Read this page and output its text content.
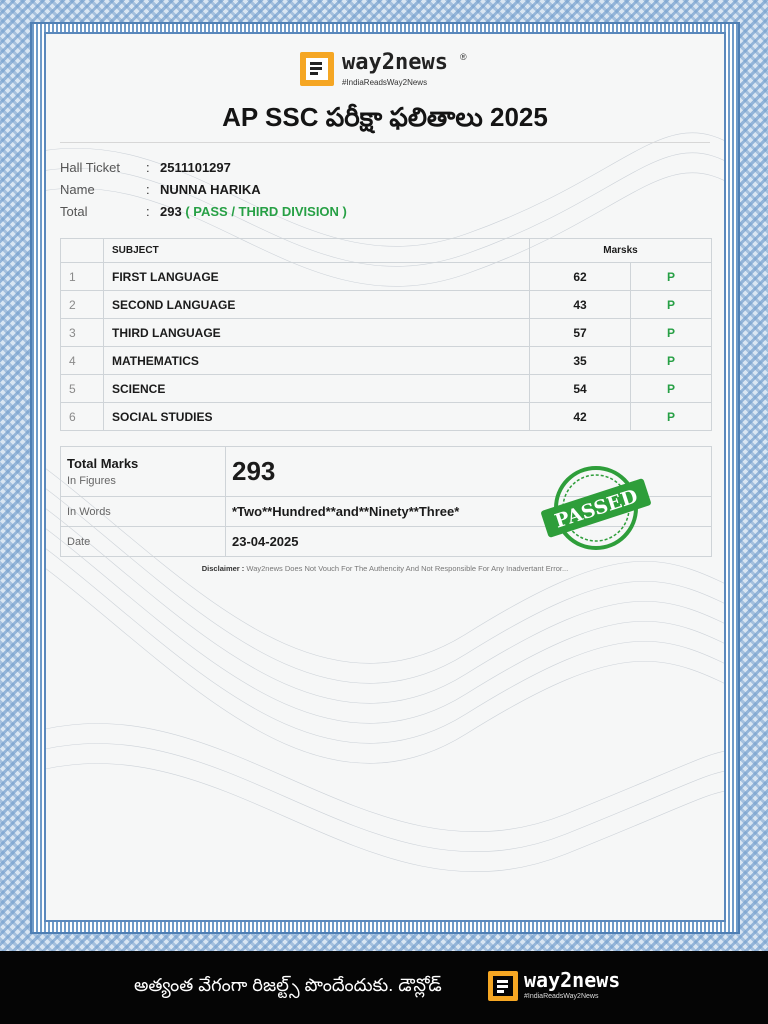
way2news ®
#IndiaReadsWay2News
AP SSC పరీక్షా ఫలితాలు 2025
Hall Ticket : 2511101297
Name	: NUNNA HARIKA
Total	: 293 ( PASS / THIRD DIVISION )
	SUBJECT	Marsks	
1	FIRST LANGUAGE	62	P
2	SECOND LANGUAGE	43	P
3	THIRD LANGUAGE	57	P
4	MATHEMATICS	35	P
5	SCIENCE	54	P
6	SOCIAL STUDIES	42	P
Total Marks
In Figures	293
In Words	*Two**Hundred**and**Ninety**Three*
Date	23-04-2025
PASSED
Disclaimer : Way2news Does Not Vouch For The Authencity And Not Responsible For Any Inadvertant Error...
అత్యంత వేగంగా రిజల్ట్స్ పొందేందుకు. డౌన్లోడ్	way2news
#IndiaReadsWay2News
